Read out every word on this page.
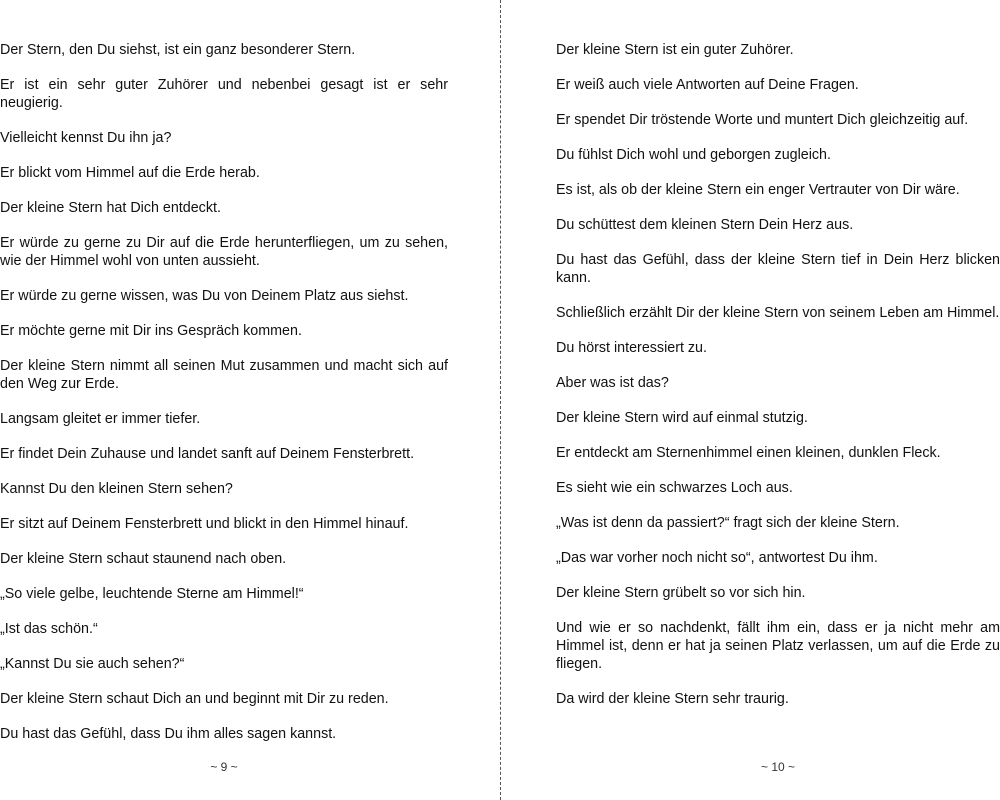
Der Stern, den Du siehst, ist ein ganz besonderer Stern.

Er ist ein sehr guter Zuhörer und nebenbei gesagt ist er sehr neugierig.

Vielleicht kennst Du ihn ja?

Er blickt vom Himmel auf die Erde herab.

Der kleine Stern hat Dich entdeckt.

Er würde zu gerne zu Dir auf die Erde herunterfliegen, um zu sehen, wie der Himmel wohl von unten aussieht.

Er würde zu gerne wissen, was Du von Deinem Platz aus siehst.

Er möchte gerne mit Dir ins Gespräch kommen.

Der kleine Stern nimmt all seinen Mut zusammen und macht sich auf den Weg zur Erde.

Langsam gleitet er immer tiefer.

Er findet Dein Zuhause und landet sanft auf Deinem Fensterbrett.

Kannst Du den kleinen Stern sehen?

Er sitzt auf Deinem Fensterbrett und blickt in den Himmel hinauf.

Der kleine Stern schaut staunend nach oben.

„So viele gelbe, leuchtende Sterne am Himmel!“

„Ist das schön.“

„Kannst Du sie auch sehen?“

Der kleine Stern schaut Dich an und beginnt mit Dir zu reden.

Du hast das Gefühl, dass Du ihm alles sagen kannst.

~ 9 ~

Der kleine Stern ist ein guter Zuhörer.

Er weiß auch viele Antworten auf Deine Fragen.

Er spendet Dir tröstende Worte und muntert Dich gleichzeitig auf.

Du fühlst Dich wohl und geborgen zugleich.

Es ist, als ob der kleine Stern ein enger Vertrauter von Dir wäre.

Du schüttest dem kleinen Stern Dein Herz aus.

Du hast das Gefühl, dass der kleine Stern tief in Dein Herz blicken kann.

Schließlich erzählt Dir der kleine Stern von seinem Leben am Himmel.

Du hörst interessiert zu.

Aber was ist das?

Der kleine Stern wird auf einmal stutzig.

Er entdeckt am Sternenhimmel einen kleinen, dunklen Fleck.

Es sieht wie ein schwarzes Loch aus.

„Was ist denn da passiert?“ fragt sich der kleine Stern.

„Das war vorher noch nicht so“, antwortest Du ihm.

Der kleine Stern grübelt so vor sich hin.

Und wie er so nachdenkt, fällt ihm ein, dass er ja nicht mehr am Himmel ist, denn er hat ja seinen Platz verlassen, um auf die Erde zu fliegen.

Da wird der kleine Stern sehr traurig.

~ 10 ~
